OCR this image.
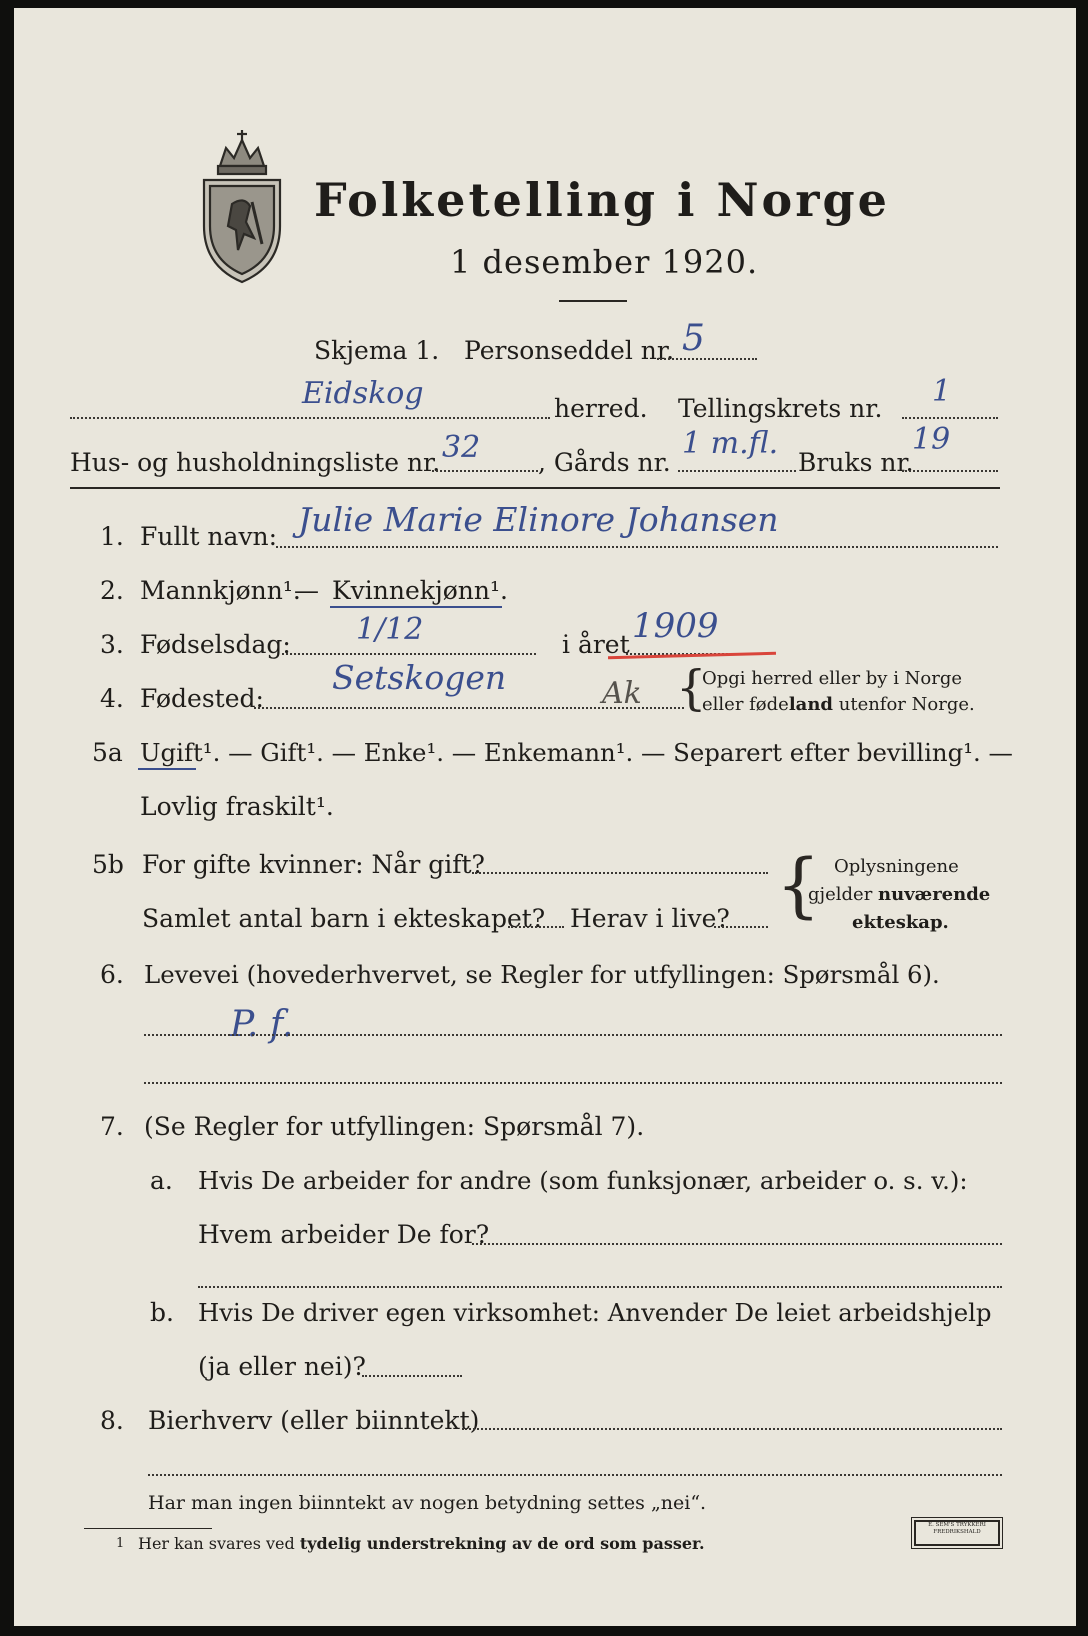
Folketelling i Norge
1 desember 1920.
Skjema 1. Personseddel nr. 5
Eidskog	herred. Tellingskrets nr. 1
Hus- og husholdningsliste nr. 32 , Gårds nr.
1 m.fl.
Bruks nr.
19
1. Fullt navn: Julie Marie Elinore Johansen
2. Mannkjønn¹.
— Kvinnekjønn¹.
3. Fødselsdag: 1/12	i året 1909
4. Fødested:
Setskogen	Ak {
Opgi herred eller by i Norge
eller fødeland utenfor Norge.
5a Ugift¹. — Gift¹. — Enke¹. — Enkemann¹. — Separert efter bevilling¹. —
Lovlig fraskilt¹.
5b For gifte kvinner: Når gift?
Samlet antal barn i ekteskapet? Herav i live? { Oplysningene
gjelder nuværende
ekteskap.
6. Levevei (hovederhvervet, se Regler for utfyllingen: Spørsmål 6).
P. f.
7. (Se Regler for utfyllingen: Spørsmål 7).
a. Hvis De arbeider for andre (som funksjonær, arbeider o. s. v.):
Hvem arbeider De for?
b. Hvis De driver egen virksomhet: Anvender De leiet arbeidshjelp
(ja eller nei)?
8. Bierhverv (eller biinntekt)
Har man ingen biinntekt av nogen betydning settes „nei“.
1 Her kan svares ved tydelig understrekning av de ord som passer.
E. SEM'S TRYKKERI FREDRIKSHALD
